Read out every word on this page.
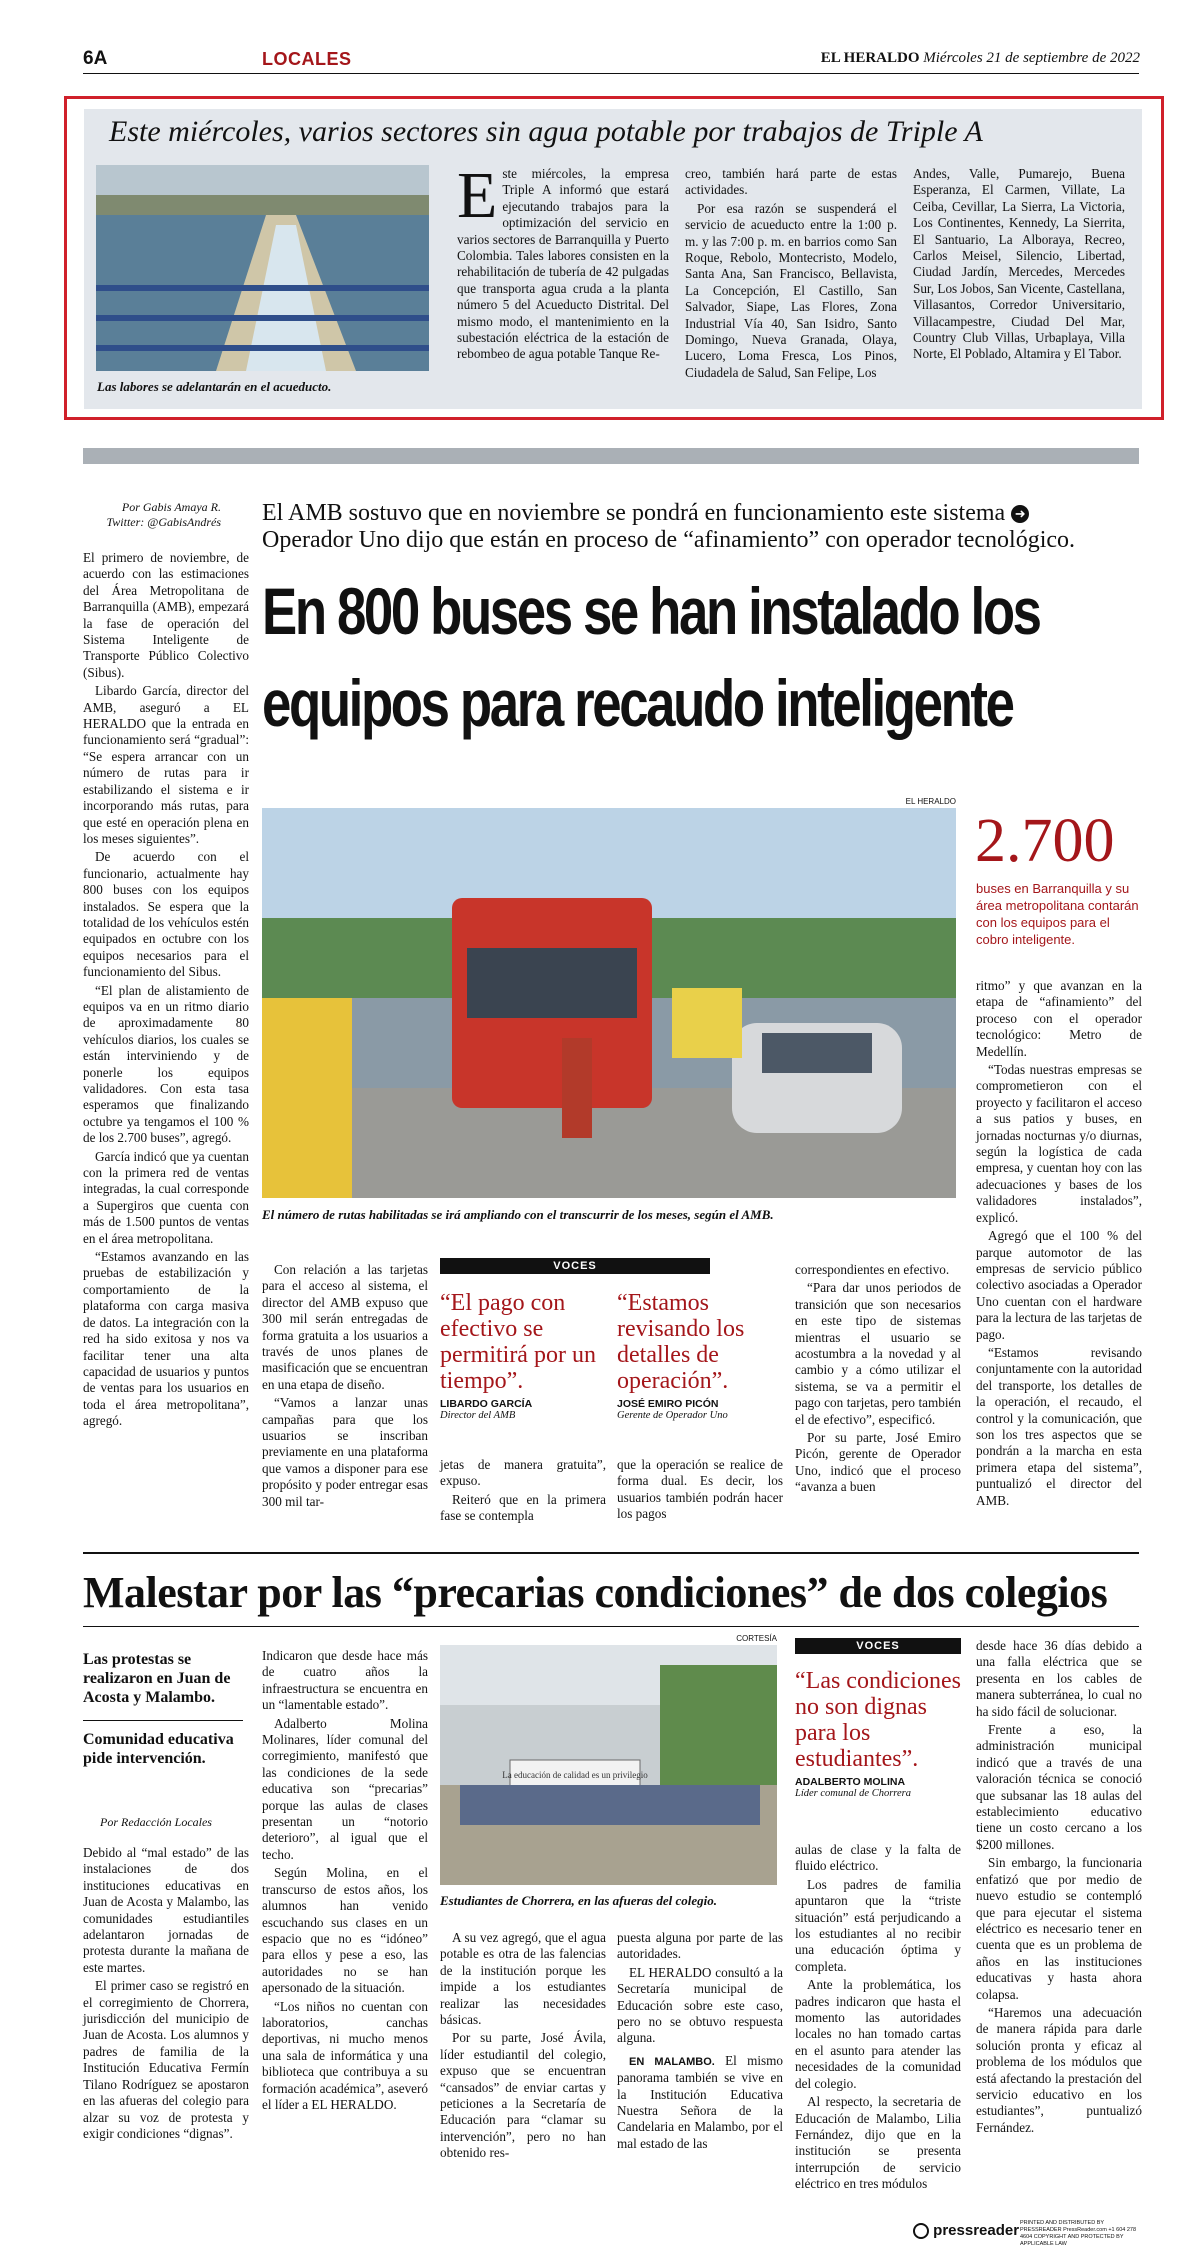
6A	LOCALES	EL HERALDO Miércoles 21 de septiembre de 2022
Este miércoles, varios sectores sin agua potable por trabajos de Triple A
Las labores se adelantarán en el acueducto.
Este miércoles, la empresa Triple A informó que estará ejecutando trabajos para la optimización del servicio en varios sectores de Barranquilla y Puerto Colombia. Tales labores consisten en la rehabilitación de tubería de 42 pulgadas que transporta agua cruda a la planta número 5 del Acueducto Distrital. Del mismo modo, el mantenimiento en la subestación eléctrica de la estación de rebombeo de agua potable Tanque Re-

creo, también hará parte de estas actividades.

Por esa razón se suspenderá el servicio de acueducto entre la 1:00 p. m. y las 7:00 p. m. en barrios como San Roque, Rebolo, Montecristo, Modelo, Santa Ana, San Francisco, Bellavista, La Concepción, El Castillo, San Salvador, Siape, Las Flores, Zona Industrial Vía 40, San Isidro, Santo Domingo, Nueva Granada, Olaya, Lucero, Loma Fresca, Los Pinos, Ciudadela de Salud, San Felipe, Los

Andes, Valle, Pumarejo, Buena Esperanza, El Carmen, Villate, La Ceiba, Cevillar, La Sierra, La Victoria, Los Continentes, Kennedy, La Sierrita, El Santuario, La Alboraya, Recreo, Carlos Meisel, Silencio, Libertad, Ciudad Jardín, Mercedes, Mercedes Sur, Los Jobos, San Vicente, Castellana, Villasantos, Corredor Universitario, Villacampestre, Ciudad Del Mar, Country Club Villas, Urbaplaya, Villa Norte, El Poblado, Altamira y El Tabor.

Por Gabis Amaya R.
Twitter: @GabisAndrés El AMB sostuvo que en noviembre se pondrá en funcionamiento este sistema ➜
Operador Uno dijo que están en proceso de “afinamiento” con operador tecnológico.
En 800 buses se han instalado los equipos para recaudo inteligente

El primero de noviembre, de acuerdo con las estimaciones del Área Metropolitana de Barranquilla (AMB), empezará la fase de operación del Sistema Inteligente de Transporte Público Colectivo (Sibus).

Libardo García, director del AMB, aseguró a EL HERALDO que la entrada en funcionamiento será “gradual”: “Se espera arrancar con un número de rutas para ir estabilizando el sistema e ir incorporando más rutas, para que esté en operación plena en los meses siguientes”.

De acuerdo con el funcionario, actualmente hay 800 buses con los equipos instalados. Se espera que la totalidad de los vehículos estén equipados en octubre con los equipos necesarios para el funcionamiento del Sibus.

“El plan de alistamiento de equipos va en un ritmo diario de aproximadamente 80 vehículos diarios, los cuales se están interviniendo y de ponerle los equipos validadores. Con esta tasa esperamos que finalizando octubre ya tengamos el 100 % de los 2.700 buses”, agregó.

García indicó que ya cuentan con la primera red de ventas integradas, la cual corresponde a Supergiros que cuenta con más de 1.500 puntos de ventas en el área metropolitana.

“Estamos avanzando en las pruebas de estabilización y comportamiento de la plataforma con carga masiva de datos. La integración con la red ha sido exitosa y nos va facilitar tener una alta capacidad de usuarios y puntos de ventas para los usuarios en toda el área metropolitana”, agregó.

EL HERALDO
El número de rutas habilitadas se irá ampliando con el transcurrir de los meses, según el AMB.
2.700
buses en Barranquilla y su área metropolitana contarán con los equipos para el cobro inteligente.

ritmo” y que avanzan en la etapa de “afinamiento” del proceso con el operador tecnológico: Metro de Medellín.

“Todas nuestras empresas se comprometieron con el proyecto y facilitaron el acceso a sus patios y buses, en jornadas nocturnas y/o diurnas, según la logística de cada empresa, y cuentan hoy con las adecuaciones y bases de los validadores instalados”, explicó.

Agregó que el 100 % del parque automotor de las empresas de servicio público colectivo asociadas a Operador Uno cuentan con el hardware para la lectura de las tarjetas de pago.

“Estamos revisando conjuntamente con la autoridad del transporte, los detalles de la operación, el recaudo, el control y la comunicación, que son los tres aspectos que se pondrán a la marcha en esta primera etapa del sistema”, puntualizó el director del AMB.

Con relación a las tarjetas para el acceso al sistema, el director del AMB expuso que 300 mil serán entregadas de forma gratuita a los usuarios a través de unos planes de masificación que se encuentran en una etapa de diseño.

“Vamos a lanzar unas campañas para que los usuarios se inscriban previamente en una plataforma que vamos a disponer para ese propósito y poder entregar esas 300 mil tar-

VOCES
“El pago con efectivo se permitirá por un tiempo”.
LIBARDO GARCÍA
Director del AMB
“Estamos revisando los detalles de operación”.
JOSÉ EMIRO PICÓN
Gerente de Operador Uno

jetas de manera gratuita”, expuso.

Reiteró que en la primera fase se contempla

que la operación se realice de forma dual. Es decir, los usuarios también podrán hacer los pagos

correspondientes en efectivo.

“Para dar unos periodos de transición que son necesarios en este tipo de sistemas mientras el usuario se acostumbra a la novedad y al cambio y a cómo utilizar el sistema, se va a permitir el pago con tarjetas, pero también el de efectivo”, especificó.

Por su parte, José Emiro Picón, gerente de Operador Uno, indicó que el proceso “avanza a buen

Malestar por las “precarias condiciones” de dos colegios
Las protestas se realizaron en Juan de Acosta y Malambo.
Comunidad educativa pide intervención.
Por Redacción Locales

Debido al “mal estado” de las instalaciones de dos instituciones educativas en Juan de Acosta y Malambo, las comunidades estudiantiles adelantaron jornadas de protesta durante la mañana de este martes.

El primer caso se registró en el corregimiento de Chorrera, jurisdicción del municipio de Juan de Acosta. Los alumnos y padres de familia de la Institución Educativa Fermín Tilano Rodríguez se apostaron en las afueras del colegio para alzar su voz de protesta y exigir condiciones “dignas”.

Indicaron que desde hace más de cuatro años la infraestructura se encuentra en un “lamentable estado”.

Adalberto Molina Molinares, líder comunal del corregimiento, manifestó que las condiciones de la sede educativa son “precarias” porque las aulas de clases presentan un “notorio deterioro”, al igual que el techo.

Según Molina, en el transcurso de estos años, los alumnos han venido escuchando sus clases en un espacio que no es “idóneo” para ellos y pese a eso, las autoridades no se han apersonado de la situación.

“Los niños no cuentan con laboratorios, canchas deportivas, ni mucho menos una sala de informática y una biblioteca que contribuya a su formación académica”, aseveró el líder a EL HERALDO.

CORTESÍA
La educación de calidad es un privilegio
Estudiantes de Chorrera, en las afueras del colegio.

A su vez agregó, que el agua potable es otra de las falencias de la institución porque les impide a los estudiantes realizar las necesidades básicas.

Por su parte, José Ávila, líder estudiantil del colegio, expuso que se encuentran “cansados” de enviar cartas y peticiones a la Secretaría de Educación para “clamar su intervención”, pero no han obtenido res-

puesta alguna por parte de las autoridades.

EL HERALDO consultó a la Secretaría municipal de Educación sobre este caso, pero no se obtuvo respuesta alguna.

EN MALAMBO. El mismo panorama también se vive en la Institución Educativa Nuestra Señora de la Candelaria en Malambo, por el mal estado de las

VOCES
“Las condiciones no son dignas para los estudiantes”.
ADALBERTO MOLINA
Líder comunal de Chorrera

aulas de clase y la falta de fluido eléctrico.

Los padres de familia apuntaron que la “triste situación” está perjudicando a los estudiantes al no recibir una educación óptima y completa.

Ante la problemática, los padres indicaron que hasta el momento las autoridades locales no han tomado cartas en el asunto para atender las necesidades de la comunidad del colegio.

Al respecto, la secretaria de Educación de Malambo, Lilia Fernández, dijo que en la institución se presenta interrupción de servicio eléctrico en tres módulos

desde hace 36 días debido a una falla eléctrica que se presenta en los cables de manera subterránea, lo cual no ha sido fácil de solucionar.

Frente a eso, la administración municipal indicó que a través de una valoración técnica se conoció que subsanar las 18 aulas del establecimiento educativo tiene un costo cercano a los $200 millones.

Sin embargo, la funcionaria enfatizó que por medio de nuevo estudio se contempló que para ejecutar el sistema eléctrico es necesario tener en cuenta que es un problema de años en las instituciones educativas y hasta ahora colapsa.

“Haremos una adecuación de manera rápida para darle solución pronta y eficaz al problema de los módulos que está afectando la prestación del servicio educativo en los estudiantes”, puntualizó Fernández.

pressreader PRINTED AND DISTRIBUTED BY PRESSREADER PressReader.com +1 604 278 4604 COPYRIGHT AND PROTECTED BY APPLICABLE LAW
